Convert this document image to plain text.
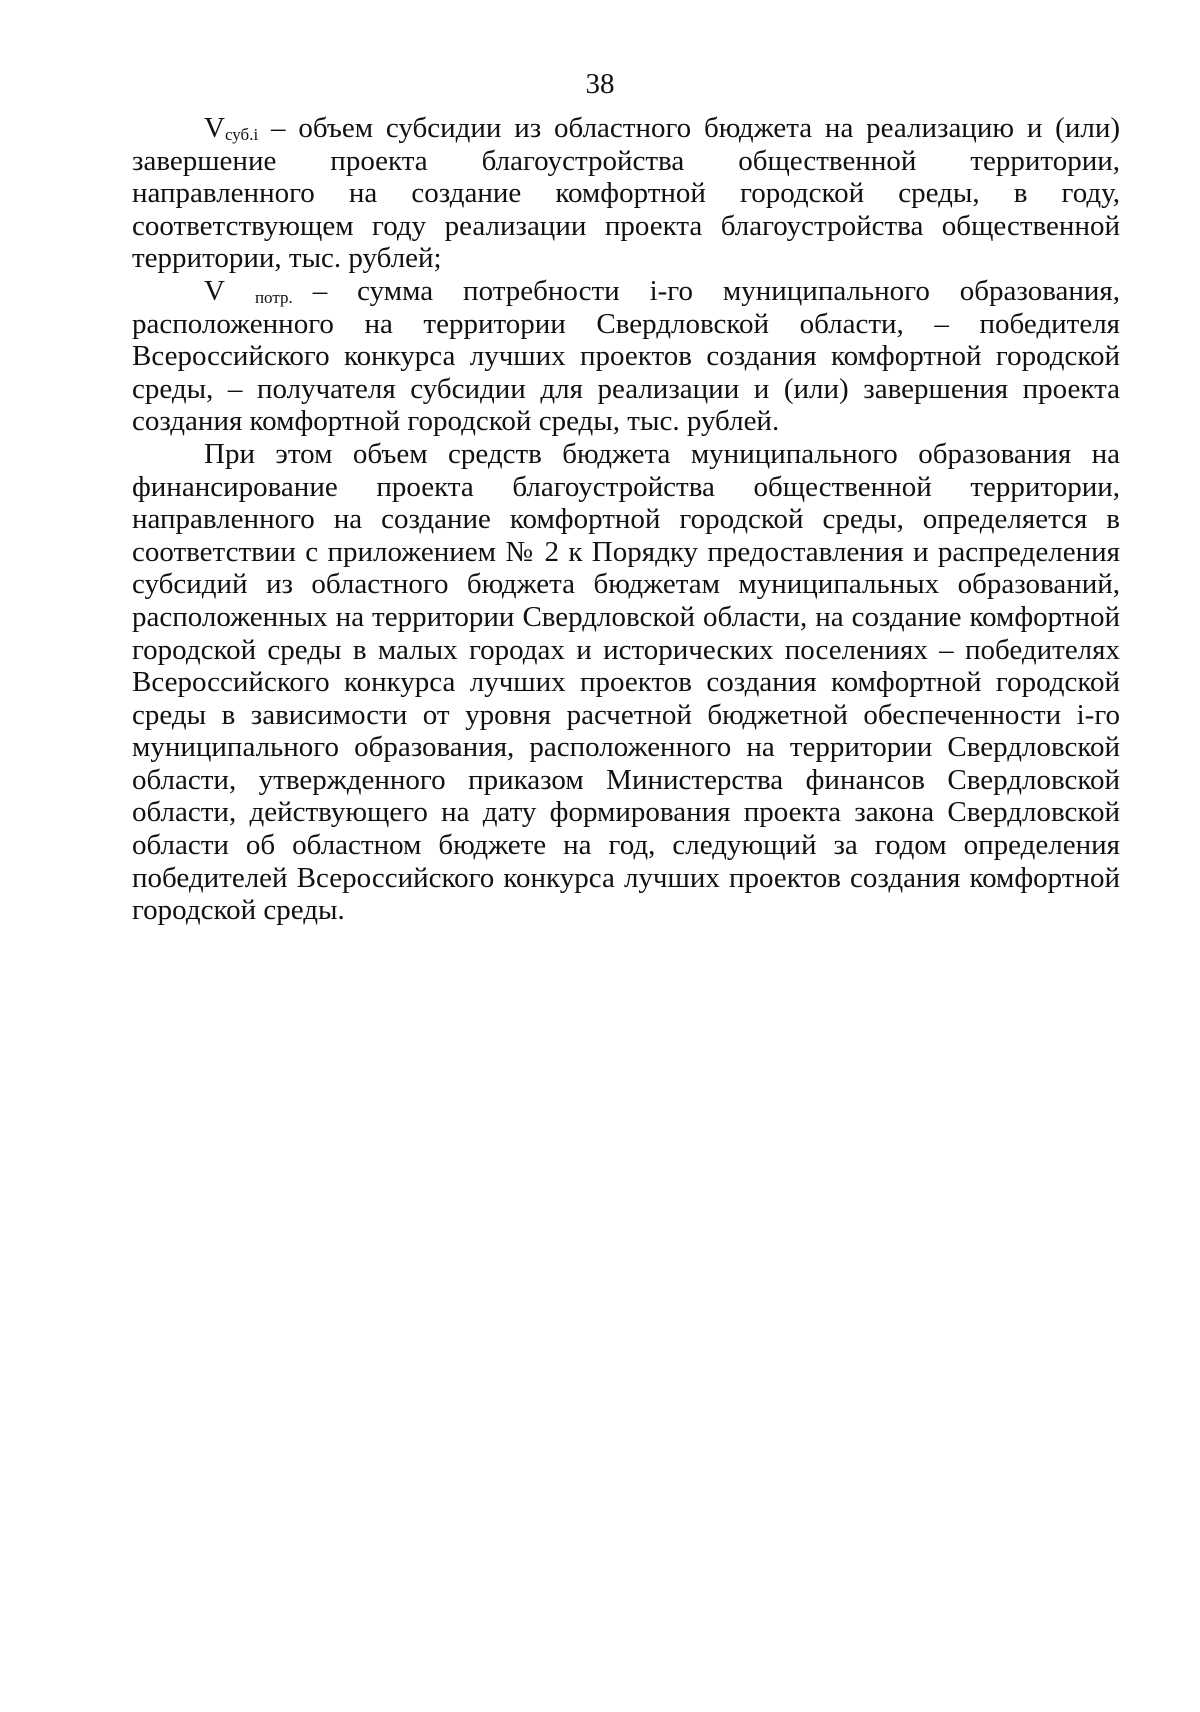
38

Vсуб.i – объем субсидии из областного бюджета на реализацию и (или) завершение проекта благоустройства общественной территории, направленного на создание комфортной городской среды, в году, соответствующем году реализации проекта благоустройства общественной территории, тыс. рублей;

V потр. – сумма потребности i-го муниципального образования, расположенного на территории Свердловской области, – победителя Всероссийского конкурса лучших проектов создания комфортной городской среды, – получателя субсидии для реализации и (или) завершения проекта создания комфортной городской среды, тыс. рублей.

При этом объем средств бюджета муниципального образования на финансирование проекта благоустройства общественной территории, направленного на создание комфортной городской среды, определяется в соответствии с приложением № 2 к Порядку предоставления и распределения субсидий из областного бюджета бюджетам муниципальных образований, расположенных на территории Свердловской области, на создание комфортной городской среды в малых городах и исторических поселениях – победителях Всероссийского конкурса лучших проектов создания комфортной городской среды в зависимости от уровня расчетной бюджетной обеспеченности i-го муниципального образования, расположенного на территории Свердловской области, утвержденного приказом Министерства финансов Свердловской области, действующего на дату формирования проекта закона Свердловской области об областном бюджете на год, следующий за годом определения победителей Всероссийского конкурса лучших проектов создания комфортной городской среды.
